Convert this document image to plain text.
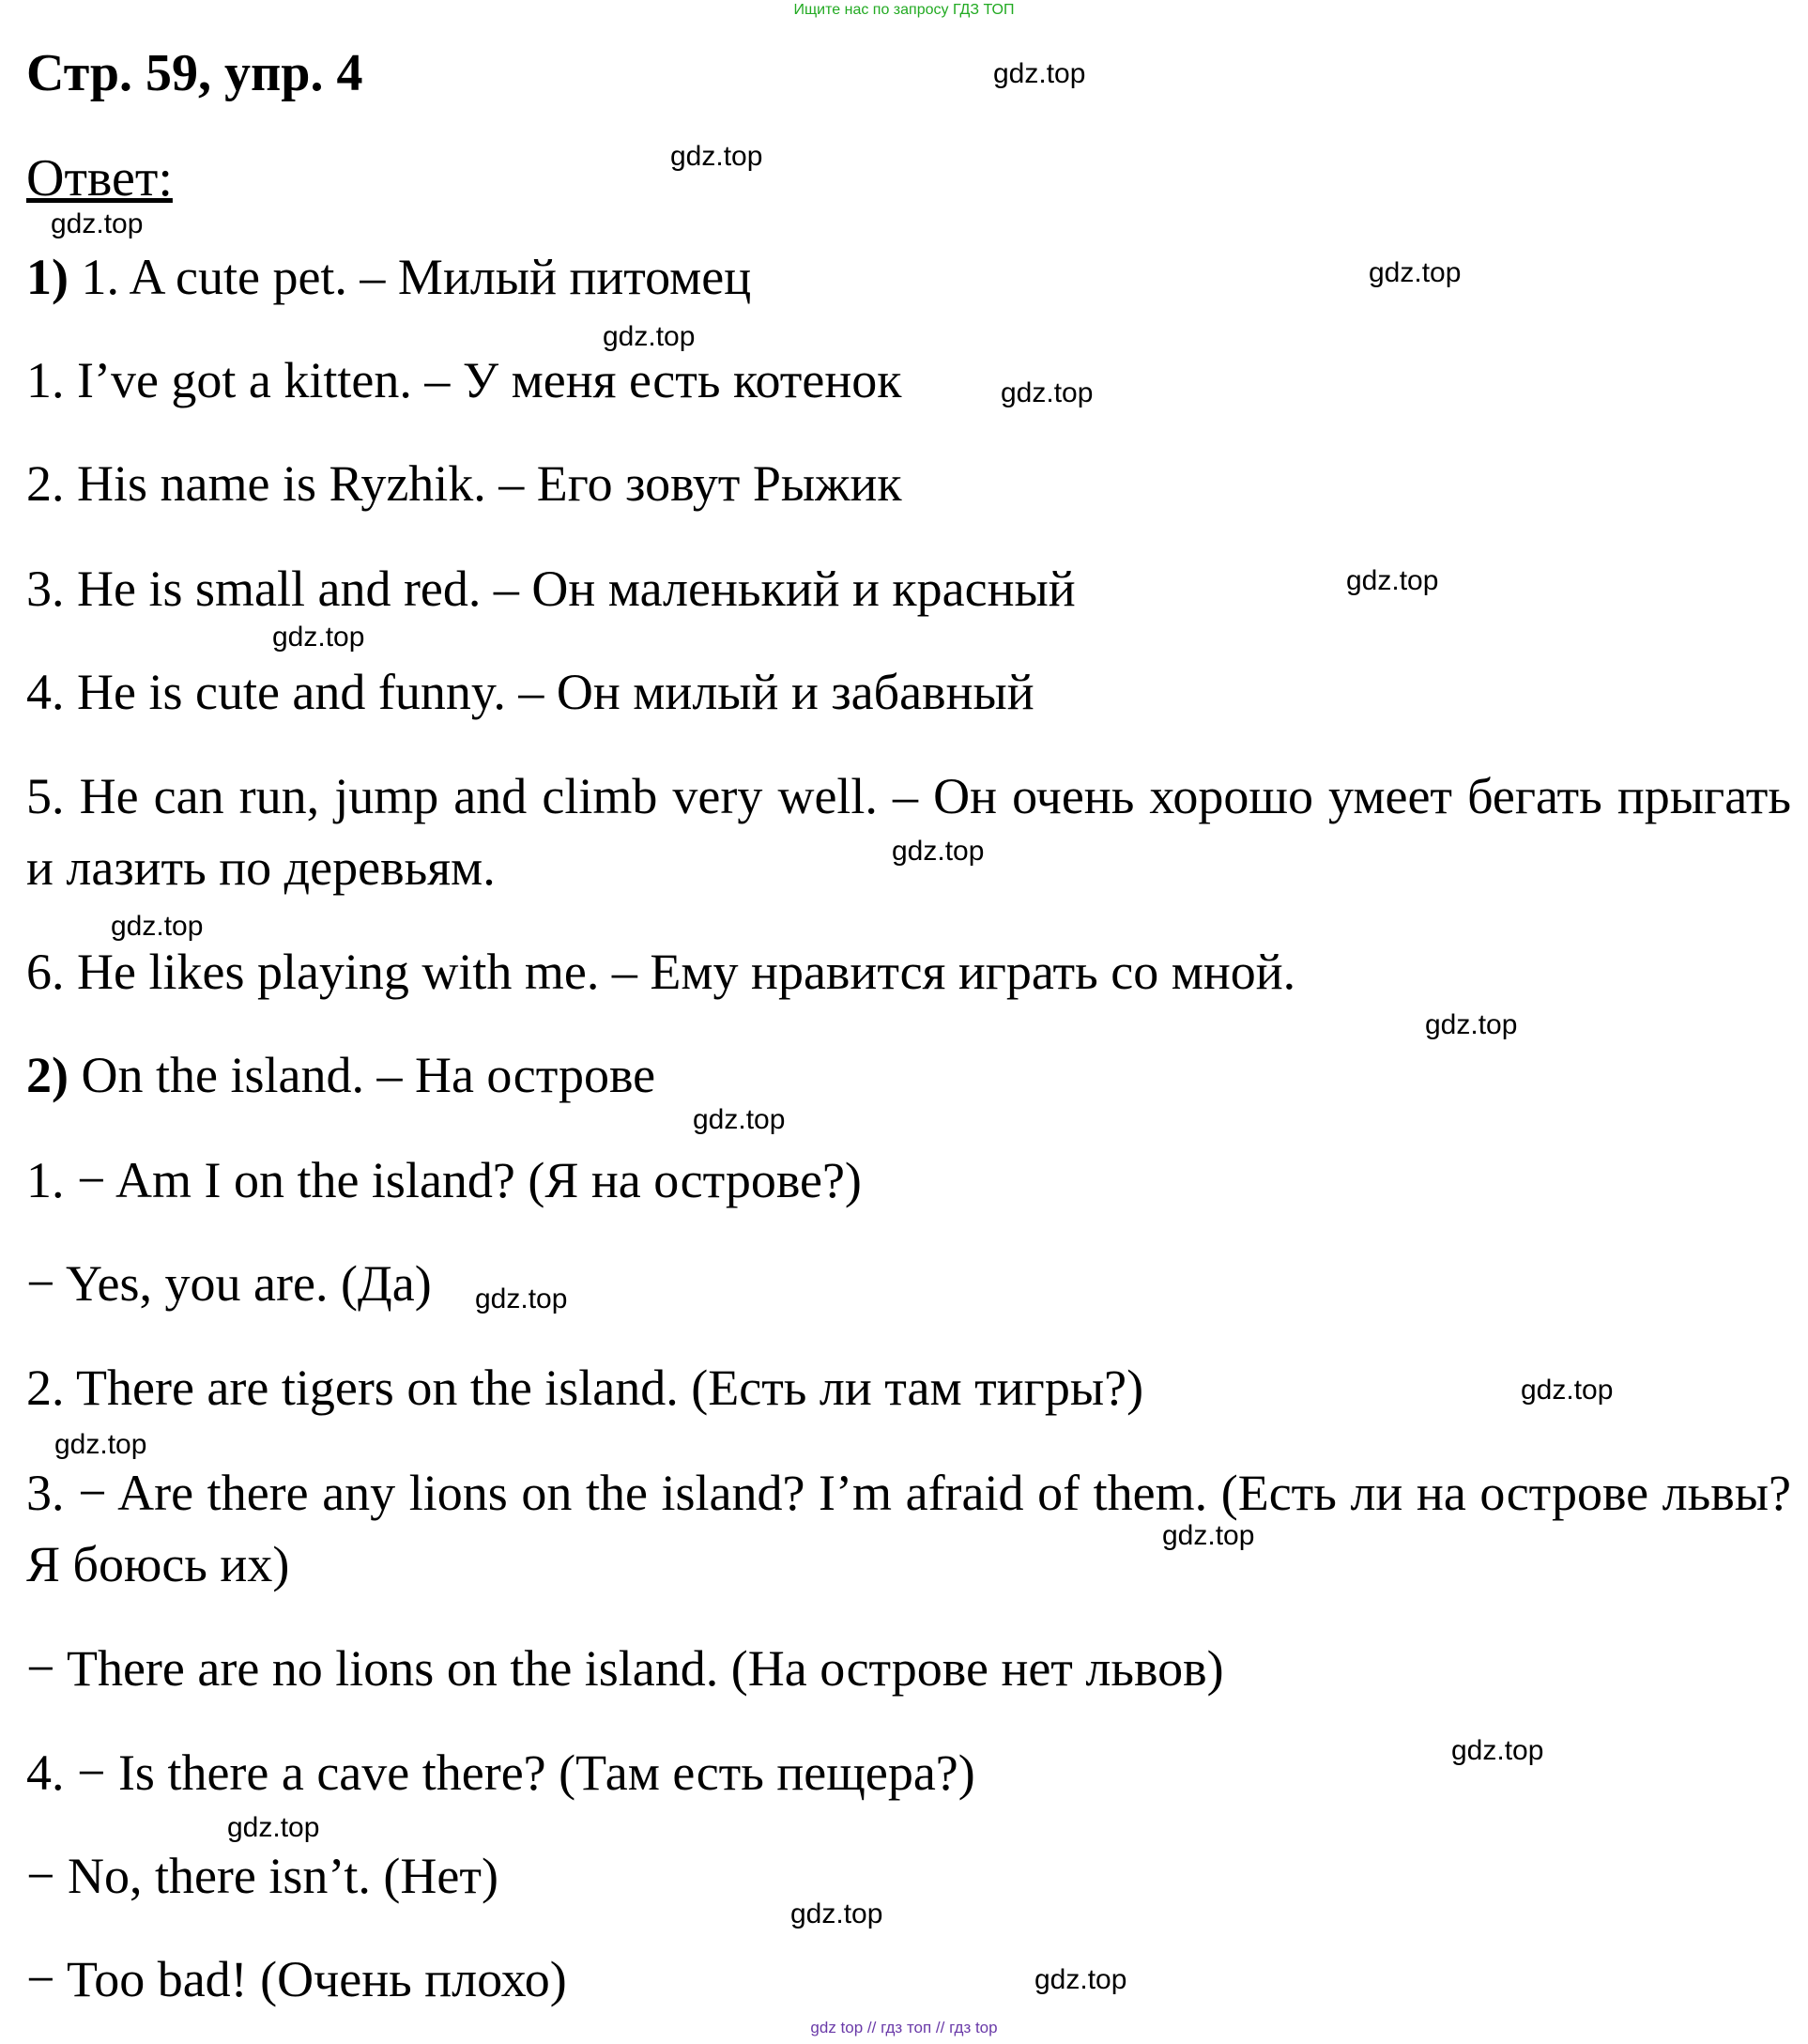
Ищите нас по запросу ГДЗ ТОП
Стр. 59, упр. 4
Ответ:
1) 1. A cute pet. – Милый питомец
1. I’ve got a kitten. – У меня есть котенок
2. His name is Ryzhik. – Его зовут Рыжик
3. He is small and red. – Он маленький и красный
4. He is cute and funny. – Он милый и забавный
5. He can run, jump and climb very well. – Он очень хорошо умеет бегать прыгать и лазить по деревьям.
6. He likes playing with me. – Ему нравится играть со мной.
2) On the island. – На острове
1. − Am I on the island? (Я на острове?)
− Yes, you are. (Да)
2. There are tigers on the island. (Есть ли там тигры?)
3. − Are there any lions on the island? I’m afraid of them. (Есть ли на острове львы? Я боюсь их)
− There are no lions on the island. (На острове нет львов)
4. − Is there a cave there? (Там есть пещера?)
− No, there isn’t. (Нет)
− Too bad! (Очень плохо)
gdz.top
gdz.top
gdz.top
gdz.top
gdz.top
gdz.top
gdz.top
gdz.top
gdz.top
gdz.top
gdz.top
gdz.top
gdz.top
gdz.top
gdz.top
gdz.top
gdz.top
gdz.top
gdz.top
gdz.top
gdz top // гдз топ // гдз top
